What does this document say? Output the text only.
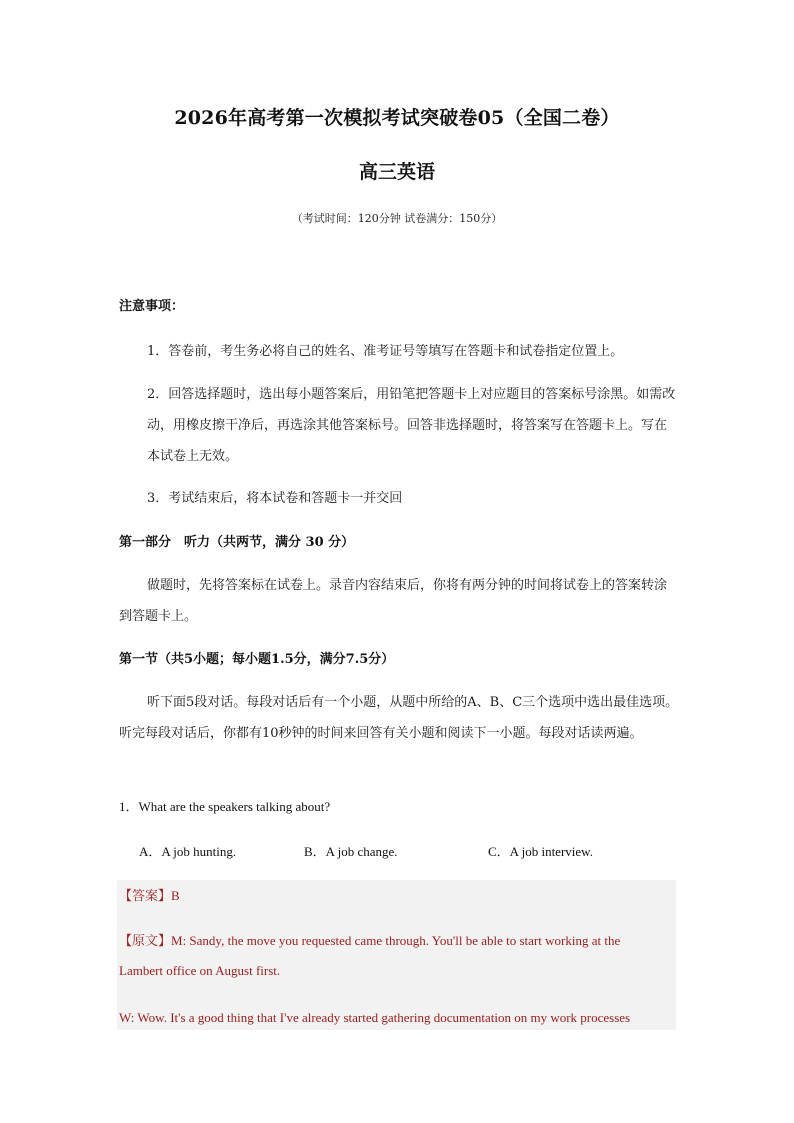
2026年高考第一次模拟考试突破卷05（全国二卷）
高三英语
（考试时间：120分钟 试卷满分：150分）
注意事项：
1．答卷前，考生务必将自己的姓名、准考证号等填写在答题卡和试卷指定位置上。
2．回答选择题时，选出每小题答案后，用铅笔把答题卡上对应题目的答案标号涂黑。如需改动，用橡皮擦干净后，再选涂其他答案标号。回答非选择题时，将答案写在答题卡上。写在本试卷上无效。
3．考试结束后，将本试卷和答题卡一并交回
第一部分　听力（共两节，满分 30 分）
做题时，先将答案标在试卷上。录音内容结束后，你将有两分钟的时间将试卷上的答案转涂到答题卡上。
第一节（共5小题；每小题1.5分，满分7.5分）
听下面5段对话。每段对话后有一个小题，从题中所给的A、B、C三个选项中选出最佳选项。听完每段对话后，你都有10秒钟的时间来回答有关小题和阅读下一小题。每段对话读两遍。
1．What are the speakers talking about?
A．A job hunting.	B．A job change.	C．A job interview.
【答案】B
【原文】M: Sandy, the move you requested came through. You'll be able to start working at the
Lambert office on August first.
W: Wow. It's a good thing that I've already started gathering documentation on my work processes
